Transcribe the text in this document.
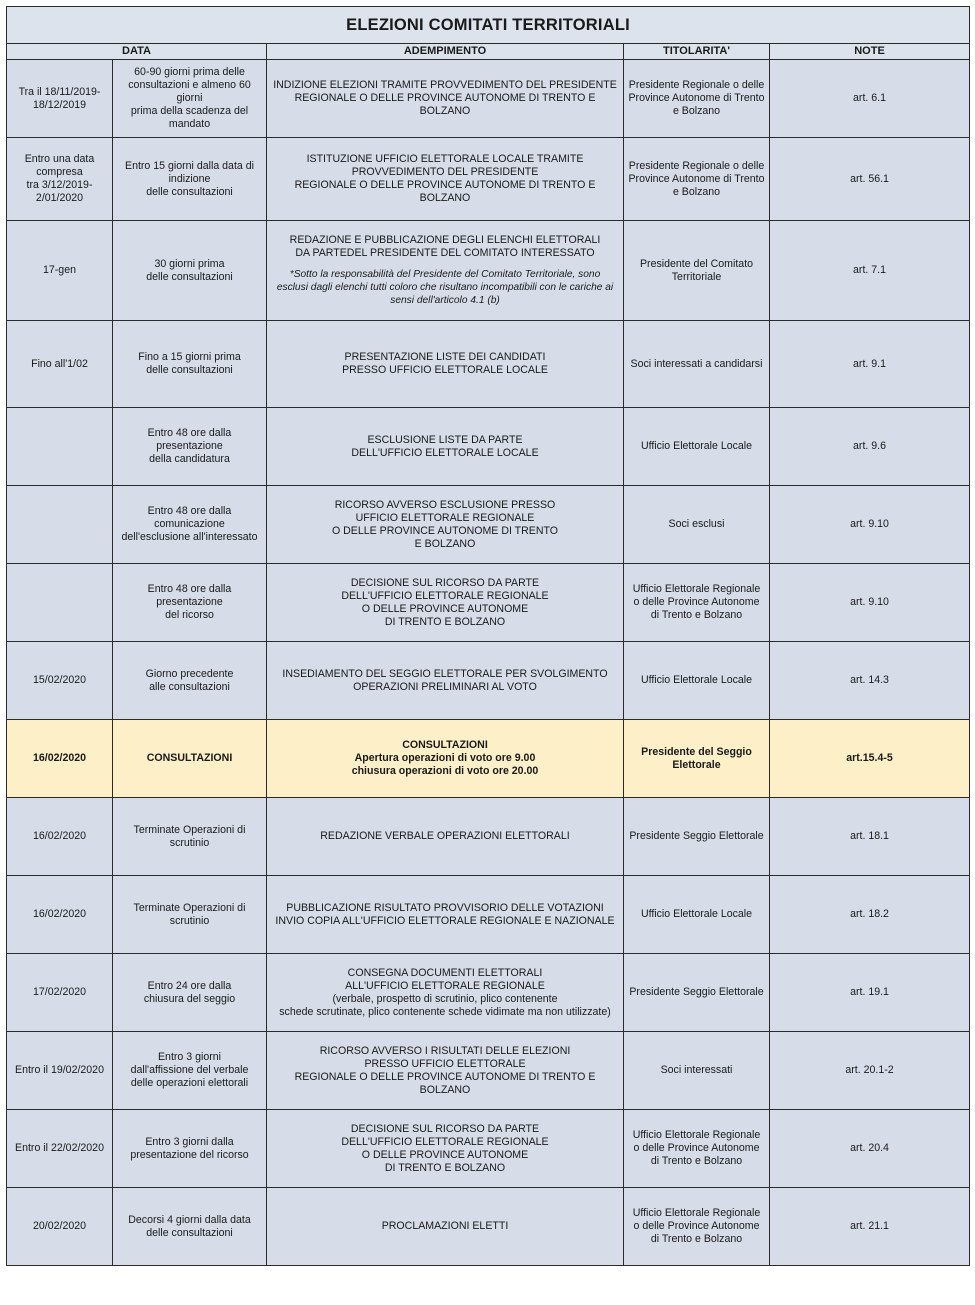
ELEZIONI COMITATI TERRITORIALI				
DATA		ADEMPIMENTO	TITOLARITA'	NOTE
Tra il 18/11/2019-
18/12/2019	60-90 giorni prima delle
consultazioni e almeno 60 giorni
prima della scadenza del
mandato	INDIZIONE ELEZIONI TRAMITE PROVVEDIMENTO DEL PRESIDENTE
REGIONALE O DELLE PROVINCE AUTONOME DI TRENTO E BOLZANO	Presidente Regionale o delle
Province Autonome di Trento
e Bolzano	art. 6.1
Entro una data
compresa
tra 3/12/2019-
2/01/2020	Entro 15 giorni dalla data di
indizione
delle consultazioni	ISTITUZIONE UFFICIO ELETTORALE LOCALE TRAMITE
PROVVEDIMENTO DEL PRESIDENTE
REGIONALE O DELLE PROVINCE AUTONOME DI TRENTO E BOLZANO	Presidente Regionale o delle
Province Autonome di Trento
e Bolzano	art. 56.1
17-gen	30 giorni prima
delle consultazioni	REDAZIONE E PUBBLICAZIONE DEGLI ELENCHI ELETTORALI
DA PARTEDEL PRESIDENTE DEL COMITATO INTERESSATO
*Sotto la responsabilità del Presidente del Comitato Territoriale, sono
esclusi dagli elenchi tutti coloro che risultano incompatibili con le cariche ai
sensi dell'articolo 4.1 (b)	Presidente del Comitato
Territoriale	art. 7.1
Fino all'1/02	Fino a 15 giorni prima
delle consultazioni	PRESENTAZIONE LISTE DEI CANDIDATI
PRESSO UFFICIO ELETTORALE LOCALE	Soci interessati a candidarsi	art. 9.1
	Entro 48 ore dalla presentazione
della candidatura	ESCLUSIONE LISTE DA PARTE
DELL'UFFICIO ELETTORALE LOCALE	Ufficio Elettorale Locale	art. 9.6
	Entro 48 ore dalla
comunicazione
dell'esclusione all'interessato	RICORSO AVVERSO ESCLUSIONE PRESSO
UFFICIO ELETTORALE REGIONALE
O DELLE PROVINCE AUTONOME DI TRENTO
E BOLZANO	Soci esclusi	art. 9.10
	Entro 48 ore dalla presentazione
del ricorso	DECISIONE SUL RICORSO DA PARTE
DELL'UFFICIO ELETTORALE REGIONALE
O DELLE PROVINCE AUTONOME
DI TRENTO E BOLZANO	Ufficio Elettorale Regionale
o delle Province Autonome
di Trento e Bolzano	art. 9.10
15/02/2020	Giorno precedente
alle consultazioni	INSEDIAMENTO DEL SEGGIO ELETTORALE PER SVOLGIMENTO
OPERAZIONI PRELIMINARI AL VOTO	Ufficio Elettorale Locale	art. 14.3
16/02/2020	CONSULTAZIONI	CONSULTAZIONI
Apertura operazioni di voto ore 9.00
chiusura operazioni di voto ore 20.00	Presidente del Seggio
Elettorale	art.15.4-5
16/02/2020	Terminate Operazioni di
scrutinio	REDAZIONE VERBALE OPERAZIONI ELETTORALI	Presidente Seggio Elettorale	art. 18.1
16/02/2020	Terminate Operazioni di
scrutinio	PUBBLICAZIONE RISULTATO PROVVISORIO DELLE VOTAZIONI
INVIO COPIA ALL'UFFICIO ELETTORALE REGIONALE E NAZIONALE	Ufficio Elettorale Locale	art. 18.2
17/02/2020	Entro 24 ore dalla
chiusura del seggio	CONSEGNA DOCUMENTI ELETTORALI
ALL'UFFICIO ELETTORALE REGIONALE
(verbale, prospetto di scrutinio, plico contenente
schede scrutinate, plico contenente schede vidimate ma non utilizzate)	Presidente Seggio Elettorale	art. 19.1
Entro il 19/02/2020	Entro 3 giorni
dall'affissione del verbale
delle operazioni elettorali	RICORSO AVVERSO I RISULTATI DELLE ELEZIONI
PRESSO UFFICIO ELETTORALE
REGIONALE O DELLE PROVINCE AUTONOME DI TRENTO E BOLZANO	Soci interessati	art. 20.1-2
Entro il 22/02/2020	Entro 3 giorni dalla
presentazione del ricorso	DECISIONE SUL RICORSO DA PARTE
DELL'UFFICIO ELETTORALE REGIONALE
O DELLE PROVINCE AUTONOME
DI TRENTO E BOLZANO	Ufficio Elettorale Regionale
o delle Province Autonome
di Trento e Bolzano	art. 20.4
20/02/2020	Decorsi 4 giorni dalla data
delle consultazioni	PROCLAMAZIONI ELETTI	Ufficio Elettorale Regionale
o delle Province Autonome
di Trento e Bolzano	art. 21.1
